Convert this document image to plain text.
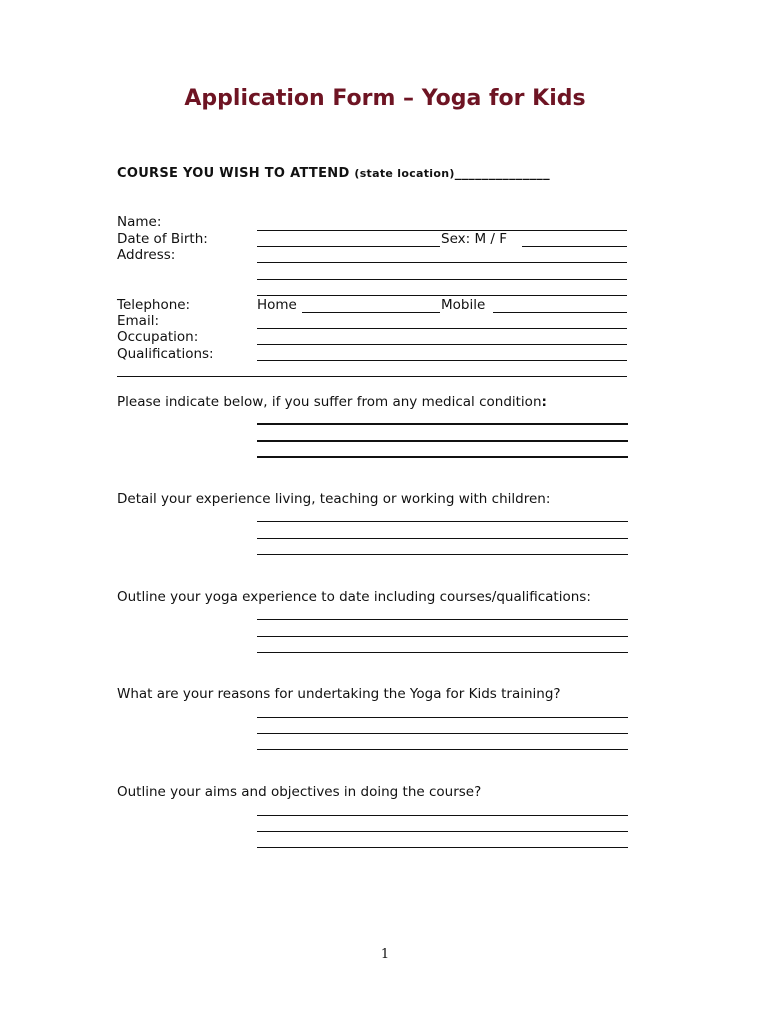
Application Form – Yoga for Kids
COURSE YOU WISH TO ATTEND (state location)______________
Name:
Date of Birth:	Sex: M / F
Address:
Telephone:	Home	Mobile
Email:
Occupation:
Qualifications:
Please indicate below, if you suffer from any medical condition:
Detail your experience living, teaching or working with children:
Outline your yoga experience to date including courses/qualifications:
What are your reasons for undertaking the Yoga for Kids training?
Outline your aims and objectives in doing the course?
1
